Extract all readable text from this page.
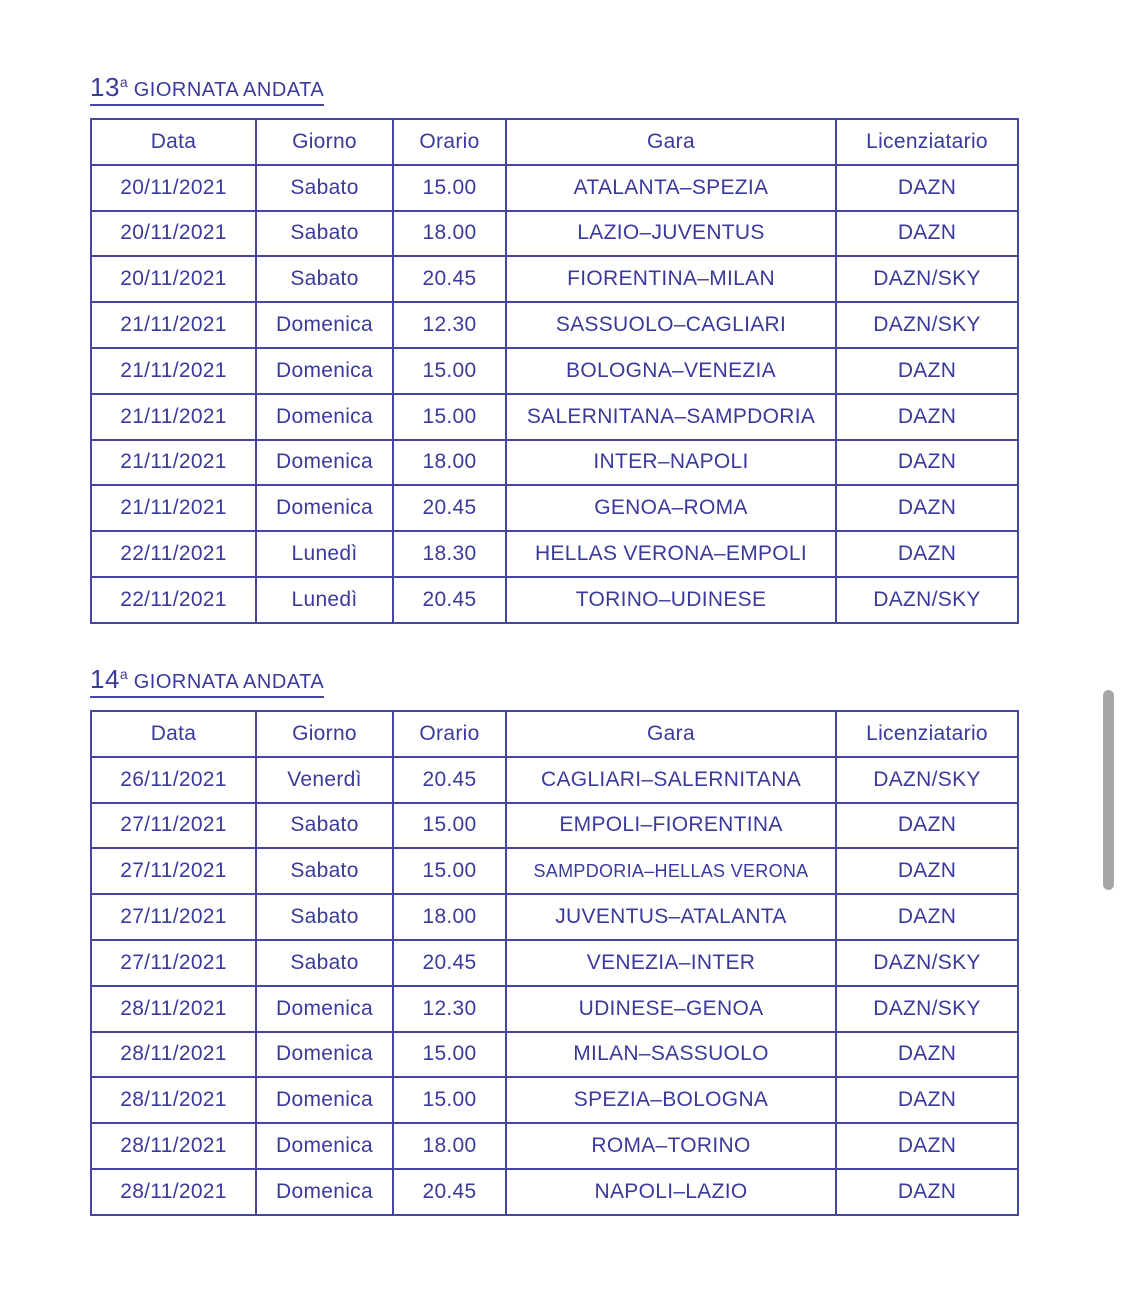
13$^a$ GIORNATA ANDATA
Data	Giorno	Orario	Gara	Licenziatario
20/11/2021	Sabato	15.00	ATALANTA–SPEZIA	DAZN
20/11/2021	Sabato	18.00	LAZIO–JUVENTUS	DAZN
20/11/2021	Sabato	20.45	FIORENTINA–MILAN	DAZN/SKY
21/11/2021	Domenica	12.30	SASSUOLO–CAGLIARI	DAZN/SKY
21/11/2021	Domenica	15.00	BOLOGNA–VENEZIA	DAZN
21/11/2021	Domenica	15.00	SALERNITANA–SAMPDORIA	DAZN
21/11/2021	Domenica	18.00	INTER–NAPOLI	DAZN
21/11/2021	Domenica	20.45	GENOA–ROMA	DAZN
22/11/2021	Lunedì	18.30	HELLAS VERONA–EMPOLI	DAZN
22/11/2021	Lunedì	20.45	TORINO–UDINESE	DAZN/SKY
14$^a$ GIORNATA ANDATA
Data	Giorno	Orario	Gara	Licenziatario
26/11/2021	Venerdì	20.45	CAGLIARI–SALERNITANA	DAZN/SKY
27/11/2021	Sabato	15.00	EMPOLI–FIORENTINA	DAZN
27/11/2021	Sabato	15.00	SAMPDORIA–HELLAS VERONA	DAZN
27/11/2021	Sabato	18.00	JUVENTUS–ATALANTA	DAZN
27/11/2021	Sabato	20.45	VENEZIA–INTER	DAZN/SKY
28/11/2021	Domenica	12.30	UDINESE–GENOA	DAZN/SKY
28/11/2021	Domenica	15.00	MILAN–SASSUOLO	DAZN
28/11/2021	Domenica	15.00	SPEZIA–BOLOGNA	DAZN
28/11/2021	Domenica	18.00	ROMA–TORINO	DAZN
28/11/2021	Domenica	20.45	NAPOLI–LAZIO	DAZN
